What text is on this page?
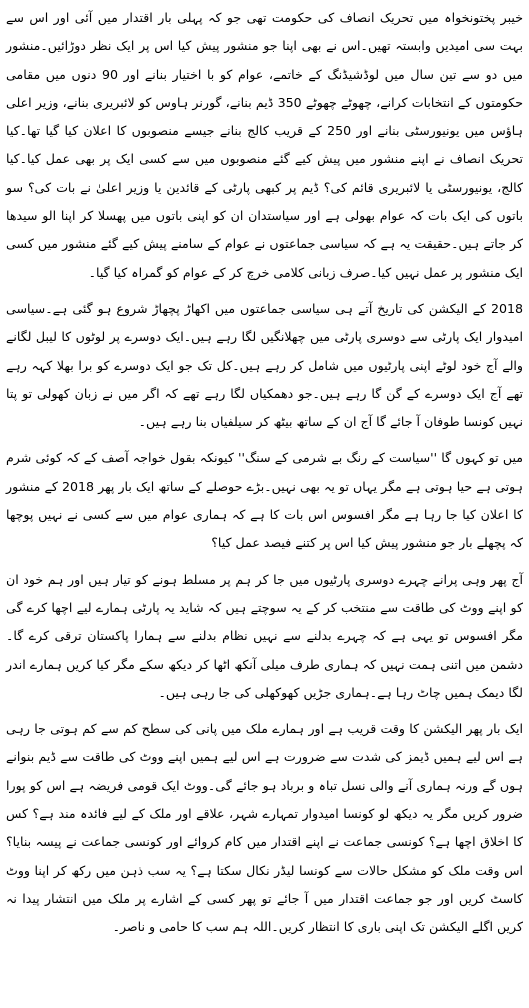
خیبر پختونخواہ میں تحریک انصاف کی حکومت تھی جو کہ پہلی بار اقتدار میں آئی اور اس سے بہت سی امیدیں وابستہ تھیں۔اس نے بھی اپنا جو منشور پیش کیا اس پر ایک نظر دوڑائیں۔منشور میں دو سے تین سال میں لوڈشیڈنگ کے خاتمے، عوام کو با اختیار بنانے اور 90 دنوں میں مقامی حکومتوں کے انتخابات کرانے، چھوٹے چھوٹے 350 ڈیم بنانے، گورنر ہاوس کو لائبریری بنانے، وزیر اعلی ہاؤس میں یونیورسٹی بنانے اور 250 کے قریب کالج بنانے جیسے منصوبوں کا اعلان کیا گیا تھا۔کیا تحریک انصاف نے اپنے منشور میں پیش کیے گئے منصوبوں میں سے کسی ایک پر بھی عمل کیا۔کیا کالج، یونیورسٹی یا لائبریری قائم کی؟ ڈیم پر کبھی پارٹی کے قائدین یا وزیر اعلیٰ نے بات کی؟ سو باتوں کی ایک بات کہ عوام بھولی ہے اور سیاستدان ان کو اپنی باتوں میں پھسلا کر اپنا الو سیدھا کر جاتے ہیں۔حقیقت یہ ہے کہ سیاسی جماعتوں نے عوام کے سامنے پیش کیے گئے منشور میں کسی ایک منشور پر عمل نہیں کیا۔صرف زبانی کلامی خرچ کر کے عوام کو گمراہ کیا گیا۔

2018 کے الیکشن کی تاریخ آتے ہی سیاسی جماعتوں میں اکھاڑ پچھاڑ شروع ہو گئی ہے۔سیاسی امیدوار ایک پارٹی سے دوسری پارٹی میں چھلانگیں لگا رہے ہیں۔ایک دوسرے پر لوٹوں کا لیبل لگانے والے آج خود لوٹے اپنی پارٹیوں میں شامل کر رہے ہیں۔کل تک جو ایک دوسرے کو برا بھلا کہہ رہے تھے آج ایک دوسرے کے گن گا رہے ہیں۔جو دھمکیاں لگا رہے تھے کہ اگر میں نے زبان کھولی تو پتا نہیں کونسا طوفان آ جائے گا آج ان کے ساتھ بیٹھ کر سیلفیاں بنا رہے ہیں۔

میں تو کہوں گا ''سیاست کے رنگ بے شرمی کے سنگ'' کیونکہ بقول خواجہ آصف کے کہ کوئی شرم ہوتی ہے حیا ہوتی ہے مگر یہاں تو یہ بھی نہیں۔بڑے حوصلے کے ساتھ ایک بار پھر 2018 کے منشور کا اعلان کیا جا رہا ہے مگر افسوس اس بات کا ہے کہ ہماری عوام میں سے کسی نے نہیں پوچھا کہ پچھلے بار جو منشور پیش کیا اس پر کتنے فیصد عمل کیا؟

آج پھر وہی پرانے چہرے دوسری پارٹیوں میں جا کر ہم پر مسلط ہونے کو تیار ہیں اور ہم خود ان کو اپنے ووٹ کی طاقت سے منتخب کر کے یہ سوچتے ہیں کہ شاید یہ پارٹی ہمارے لیے اچھا کرے گی مگر افسوس تو یہی ہے کہ چہرے بدلنے سے نہیں نظام بدلنے سے ہمارا پاکستان ترقی کرے گا۔دشمن میں اتنی ہمت نہیں کہ ہماری طرف میلی آنکھ اٹھا کر دیکھ سکے مگر کیا کریں ہمارے اندر لگا دیمک ہمیں چاٹ رہا ہے۔ہماری جڑیں کھوکھلی کی جا رہی ہیں۔

ایک بار پھر الیکشن کا وقت قریب ہے اور ہمارے ملک میں پانی کی سطح کم سے کم ہوتی جا رہی ہے اس لیے ہمیں ڈیمز کی شدت سے ضرورت ہے اس لیے ہمیں اپنے ووٹ کی طاقت سے ڈیم بنوانے ہوں گے ورنہ ہماری آنے والی نسل تباہ و برباد ہو جائے گی۔ووٹ ایک قومی فریضہ ہے اس کو پورا ضرور کریں مگر یہ دیکھ لو کونسا امیدوار تمہارے شہر، علاقے اور ملک کے لیے فائدہ مند ہے؟ کس کا اخلاق اچھا ہے؟ کونسی جماعت نے اپنے اقتدار میں کام کروائے اور کونسی جماعت نے پیسہ بنایا؟ اس وقت ملک کو مشکل حالات سے کونسا لیڈر نکال سکتا ہے؟ یہ سب ذہن میں رکھ کر اپنا ووٹ کاسٹ کریں اور جو جماعت اقتدار میں آ جائے تو پھر کسی کے اشارے پر ملک میں انتشار پیدا نہ کریں اگلے الیکشن تک اپنی باری کا انتظار کریں۔اللہ ہم سب کا حامی و ناصر۔
